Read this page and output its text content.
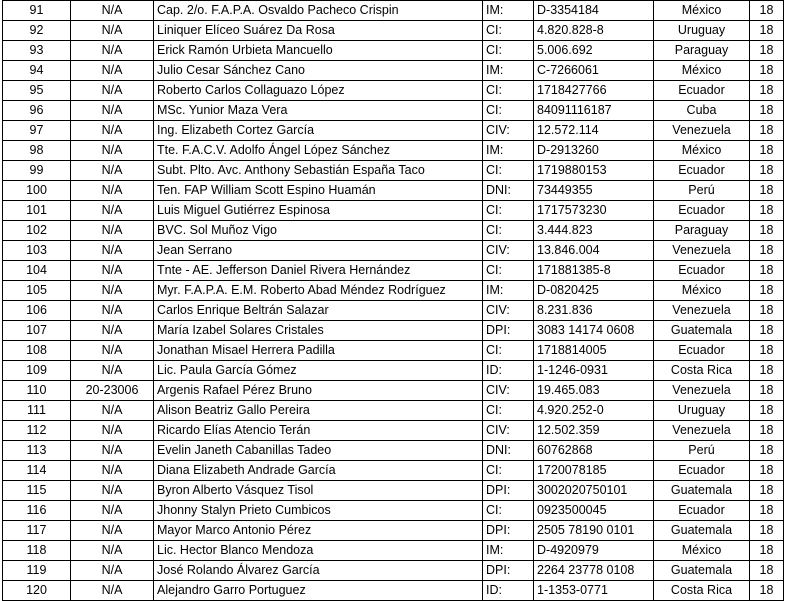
91	N/A	Cap. 2/o. F.A.P.A. Osvaldo Pacheco Crispin	IM:	D-3354184	México	18
92	N/A	Liniquer Elíceo Suárez Da Rosa	CI:	4.820.828-8	Uruguay	18
93	N/A	Erick Ramón Urbieta Mancuello	CI:	5.006.692	Paraguay	18
94	N/A	Julio Cesar Sánchez Cano	IM:	C-7266061	México	18
95	N/A	Roberto Carlos Collaguazo López	CI:	1718427766	Ecuador	18
96	N/A	MSc. Yunior Maza Vera	CI:	84091116187	Cuba	18
97	N/A	Ing. Elizabeth Cortez García	CIV:	12.572.114	Venezuela	18
98	N/A	Tte. F.A.C.V. Adolfo Ángel López Sánchez	IM:	D-2913260	México	18
99	N/A	Subt. Plto. Avc. Anthony Sebastián España Taco	CI:	1719880153	Ecuador	18
100	N/A	Ten. FAP William Scott Espino Huamán	DNI:	73449355	Perú	18
101	N/A	Luis Miguel Gutiérrez Espinosa	CI:	1717573230	Ecuador	18
102	N/A	BVC. Sol Muñoz Vigo	CI:	3.444.823	Paraguay	18
103	N/A	Jean Serrano	CIV:	13.846.004	Venezuela	18
104	N/A	Tnte - AE. Jefferson Daniel Rivera Hernández	CI:	171881385-8	Ecuador	18
105	N/A	Myr. F.A.P.A. E.M. Roberto Abad Méndez Rodríguez	IM:	D-0820425	México	18
106	N/A	Carlos Enrique Beltrán Salazar	CIV:	8.231.836	Venezuela	18
107	N/A	María Izabel Solares Cristales	DPI:	3083 14174 0608	Guatemala	18
108	N/A	Jonathan Misael Herrera Padilla	CI:	1718814005	Ecuador	18
109	N/A	Lic. Paula García Gómez	ID:	1-1246-0931	Costa Rica	18
110	20-23006	Argenis Rafael Pérez Bruno	CIV:	19.465.083	Venezuela	18
111	N/A	Alison Beatriz Gallo Pereira	CI:	4.920.252-0	Uruguay	18
112	N/A	Ricardo Elías Atencio Terán	CIV:	12.502.359	Venezuela	18
113	N/A	Evelin Janeth Cabanillas Tadeo	DNI:	60762868	Perú	18
114	N/A	Diana Elizabeth Andrade García	CI:	1720078185	Ecuador	18
115	N/A	Byron Alberto Vásquez Tisol	DPI:	3002020750101	Guatemala	18
116	N/A	Jhonny Stalyn Prieto Cumbicos	CI:	0923500045	Ecuador	18
117	N/A	Mayor Marco Antonio Pérez	DPI:	2505 78190 0101	Guatemala	18
118	N/A	Lic. Hector Blanco Mendoza	IM:	D-4920979	México	18
119	N/A	José Rolando Álvarez García	DPI:	2264 23778 0108	Guatemala	18
120	N/A	Alejandro Garro Portuguez	ID:	1-1353-0771	Costa Rica	18
